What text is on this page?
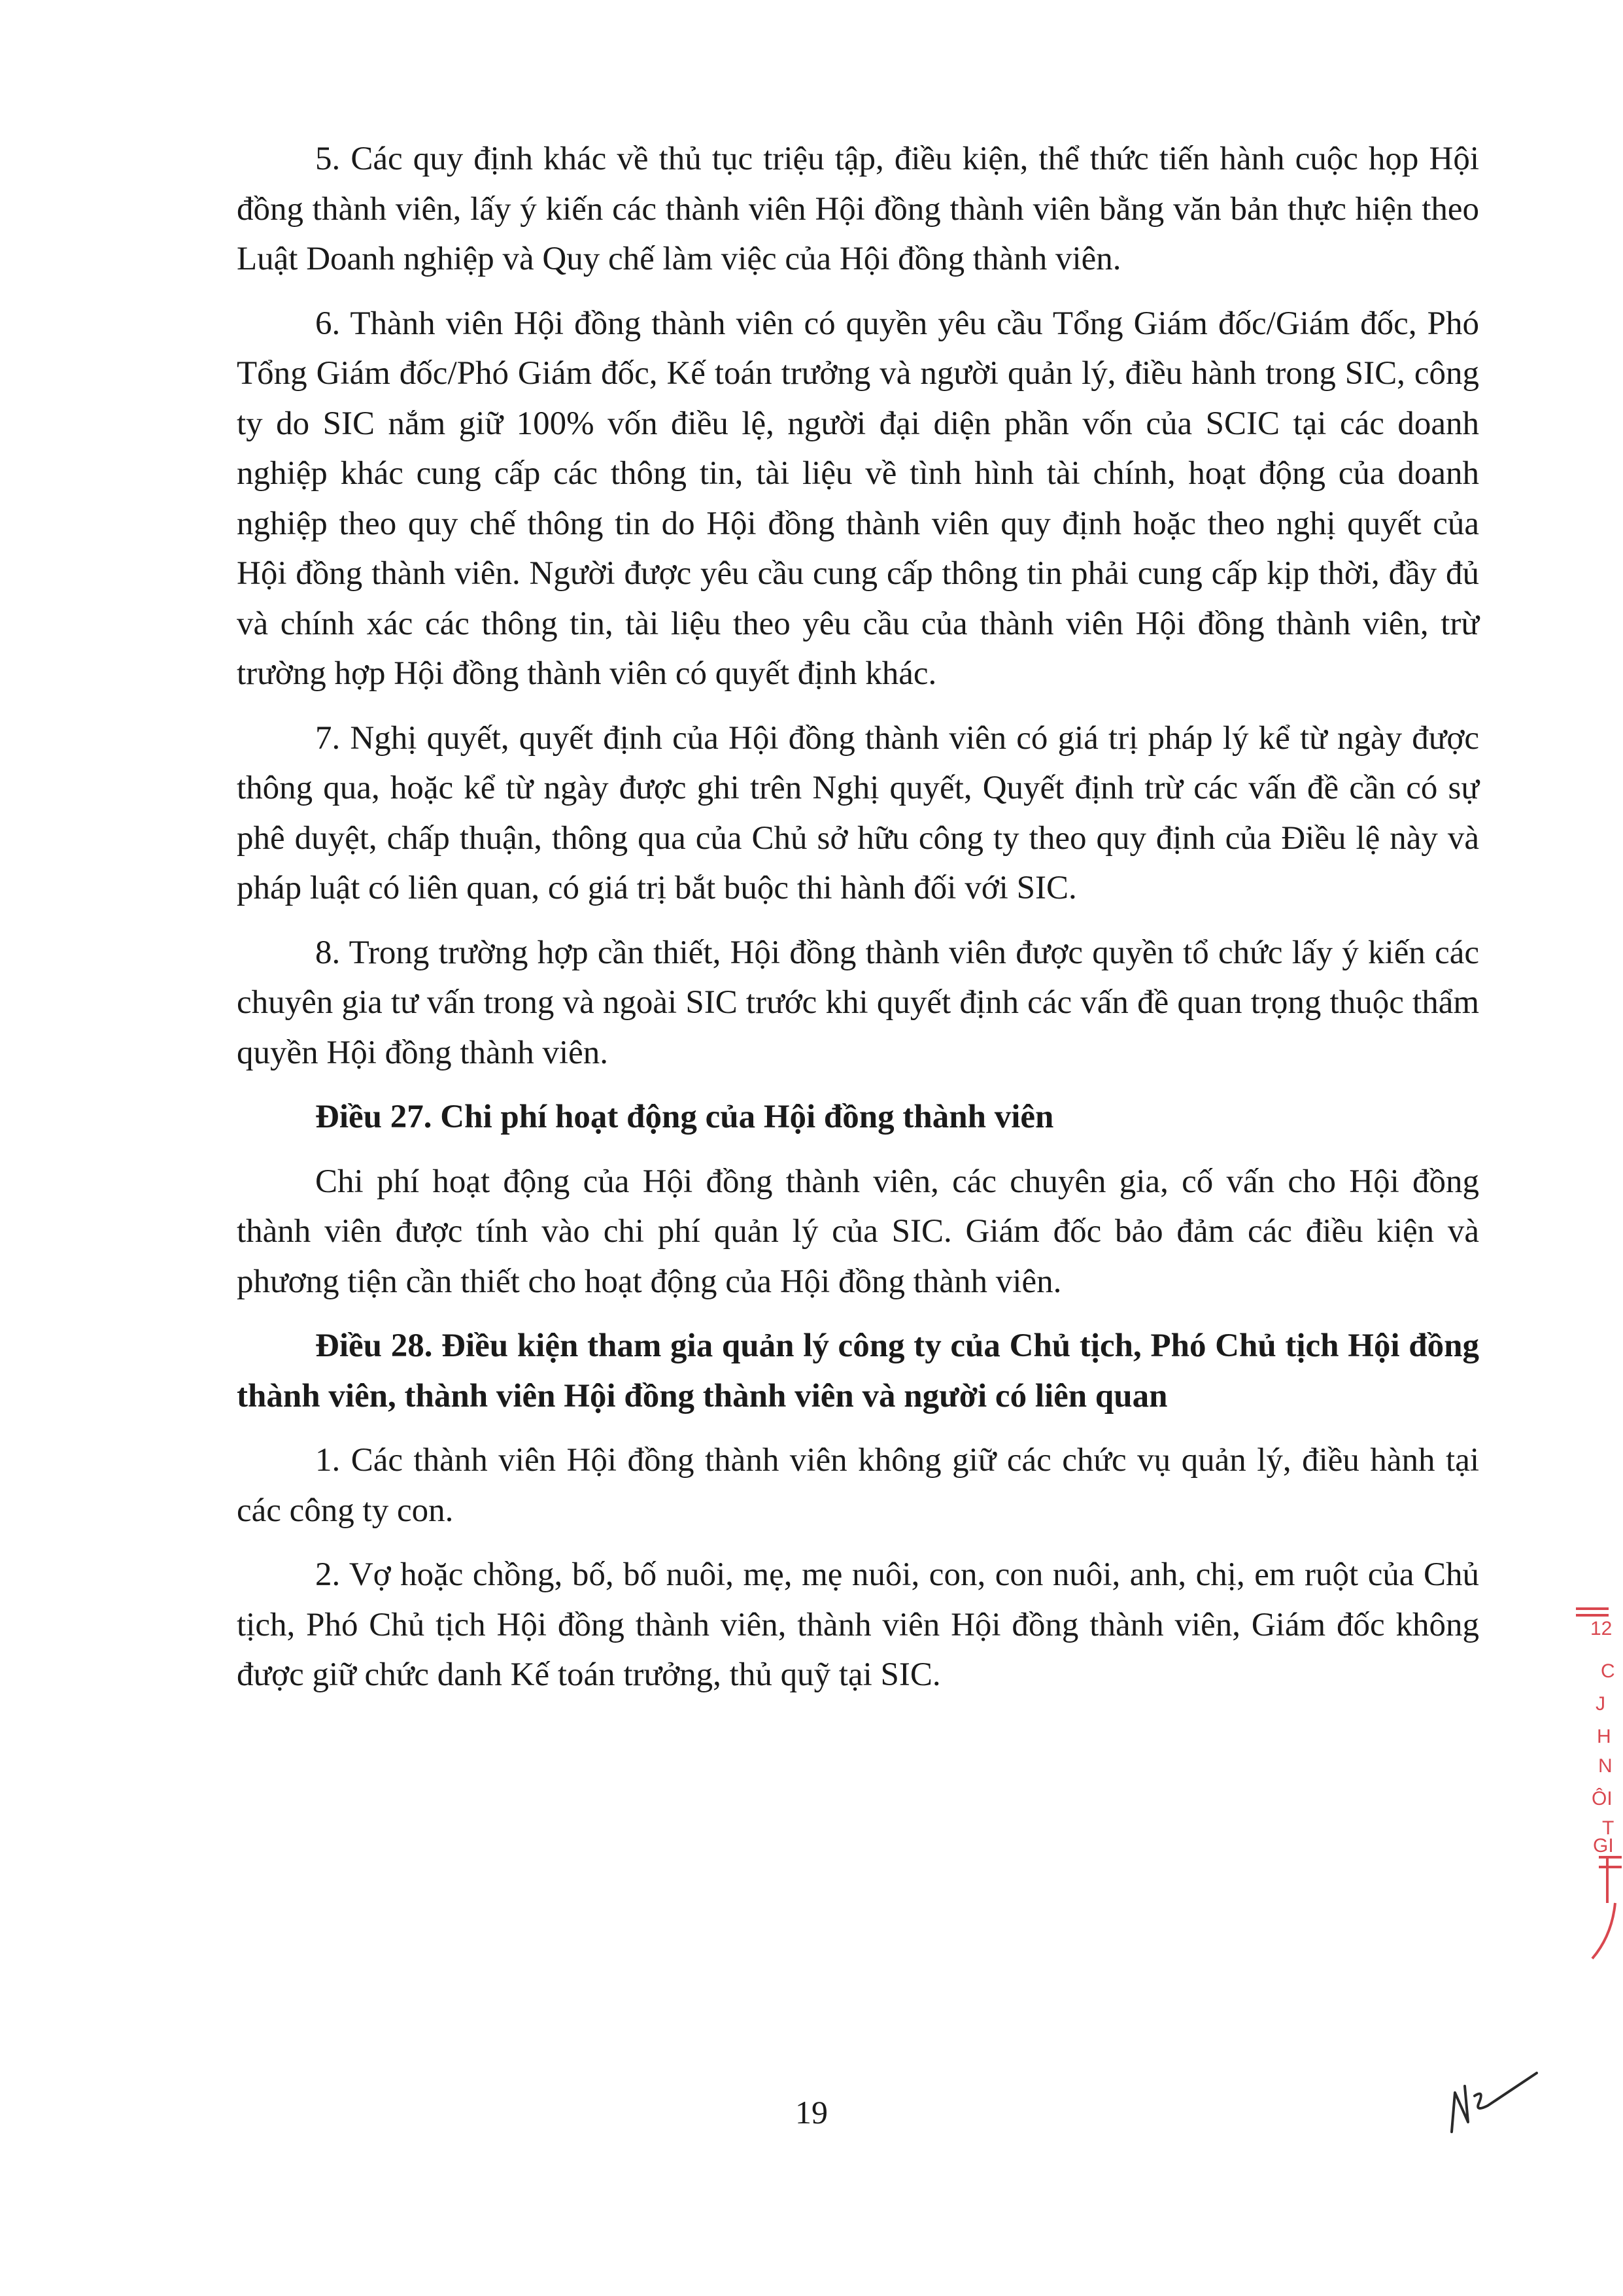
5. Các quy định khác về thủ tục triệu tập, điều kiện, thể thức tiến hành cuộc họp Hội đồng thành viên, lấy ý kiến các thành viên Hội đồng thành viên bằng văn bản thực hiện theo Luật Doanh nghiệp và Quy chế làm việc của Hội đồng thành viên.

6. Thành viên Hội đồng thành viên có quyền yêu cầu Tổng Giám đốc/Giám đốc, Phó Tổng Giám đốc/Phó Giám đốc, Kế toán trưởng và người quản lý, điều hành trong SIC, công ty do SIC nắm giữ 100% vốn điều lệ, người đại diện phần vốn của SCIC tại các doanh nghiệp khác cung cấp các thông tin, tài liệu về tình hình tài chính, hoạt động của doanh nghiệp theo quy chế thông tin do Hội đồng thành viên quy định hoặc theo nghị quyết của Hội đồng thành viên. Người được yêu cầu cung cấp thông tin phải cung cấp kịp thời, đầy đủ và chính xác các thông tin, tài liệu theo yêu cầu của thành viên Hội đồng thành viên, trừ trường hợp Hội đồng thành viên có quyết định khác.

7. Nghị quyết, quyết định của Hội đồng thành viên có giá trị pháp lý kể từ ngày được thông qua, hoặc kể từ ngày được ghi trên Nghị quyết, Quyết định trừ các vấn đề cần có sự phê duyệt, chấp thuận, thông qua của Chủ sở hữu công ty theo quy định của Điều lệ này và pháp luật có liên quan, có giá trị bắt buộc thi hành đối với SIC.

8. Trong trường hợp cần thiết, Hội đồng thành viên được quyền tổ chức lấy ý kiến các chuyên gia tư vấn trong và ngoài SIC trước khi quyết định các vấn đề quan trọng thuộc thẩm quyền Hội đồng thành viên.

Điều 27. Chi phí hoạt động của Hội đồng thành viên

Chi phí hoạt động của Hội đồng thành viên, các chuyên gia, cố vấn cho Hội đồng thành viên được tính vào chi phí quản lý của SIC. Giám đốc bảo đảm các điều kiện và phương tiện cần thiết cho hoạt động của Hội đồng thành viên.

Điều 28. Điều kiện tham gia quản lý công ty của Chủ tịch, Phó Chủ tịch Hội đồng thành viên, thành viên Hội đồng thành viên và người có liên quan

1. Các thành viên Hội đồng thành viên không giữ các chức vụ quản lý, điều hành tại các công ty con.

2. Vợ hoặc chồng, bố, bố nuôi, mẹ, mẹ nuôi, con, con nuôi, anh, chị, em ruột của Chủ tịch, Phó Chủ tịch Hội đồng thành viên, thành viên Hội đồng thành viên, Giám đốc không được giữ chức danh Kế toán trưởng, thủ quỹ tại SIC.

12
C
J
H
N
ÔI
T
GI
19
